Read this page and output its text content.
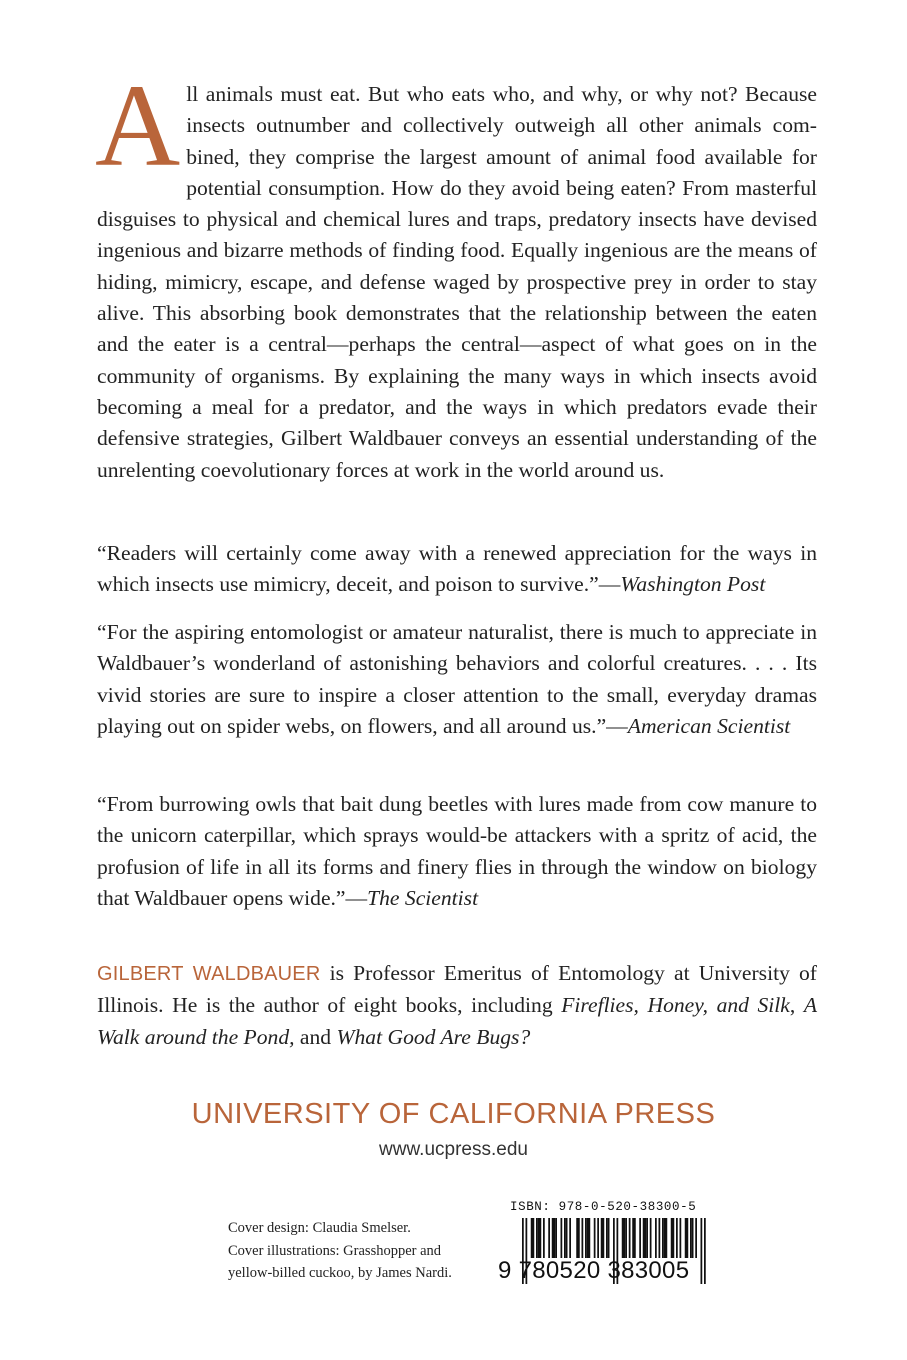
All animals must eat. But who eats who, and why, or why not? Because insects outnumber and collectively outweigh all other animals combined, they comprise the largest amount of animal food available for potential consumption. How do they avoid being eaten? From masterful disguises to physical and chemical lures and traps, predatory insects have devised ingenious and bizarre methods of finding food. Equally ingenious are the means of hiding, mimicry, escape, and defense waged by prospective prey in order to stay alive. This absorbing book demonstrates that the relationship between the eaten and the eater is a central—perhaps the central—aspect of what goes on in the community of organisms. By explaining the many ways in which insects avoid becoming a meal for a predator, and the ways in which predators evade their defensive strategies, Gilbert Waldbauer conveys an essential understanding of the unrelenting coevolutionary forces at work in the world around us.

“Readers will certainly come away with a renewed appreciation for the ways in which insects use mimicry, deceit, and poison to survive.”—Washington Post

“For the aspiring entomologist or amateur naturalist, there is much to appreciate in Waldbauer’s wonderland of astonishing behaviors and colorful creatures. . . . Its vivid stories are sure to inspire a closer attention to the small, everyday dramas playing out on spider webs, on flowers, and all around us.”—American Scientist

“From burrowing owls that bait dung beetles with lures made from cow manure to the unicorn caterpillar, which sprays would-be attackers with a spritz of acid, the profusion of life in all its forms and finery flies in through the window on biology that Waldbauer opens wide.”—The Scientist

GILBERT WALDBAUER is Professor Emeritus of Entomology at University of Illinois. He is the author of eight books, including Fireflies, Honey, and Silk, A Walk around the Pond, and What Good Are Bugs?

UNIVERSITY OF CALIFORNIA PRESS
www.ucpress.edu
Cover design: Claudia Smelser.
Cover illustrations: Grasshopper and
yellow-billed cuckoo, by James Nardi.
ISBN: 978-0-520-38300-5
9 780520 383005
